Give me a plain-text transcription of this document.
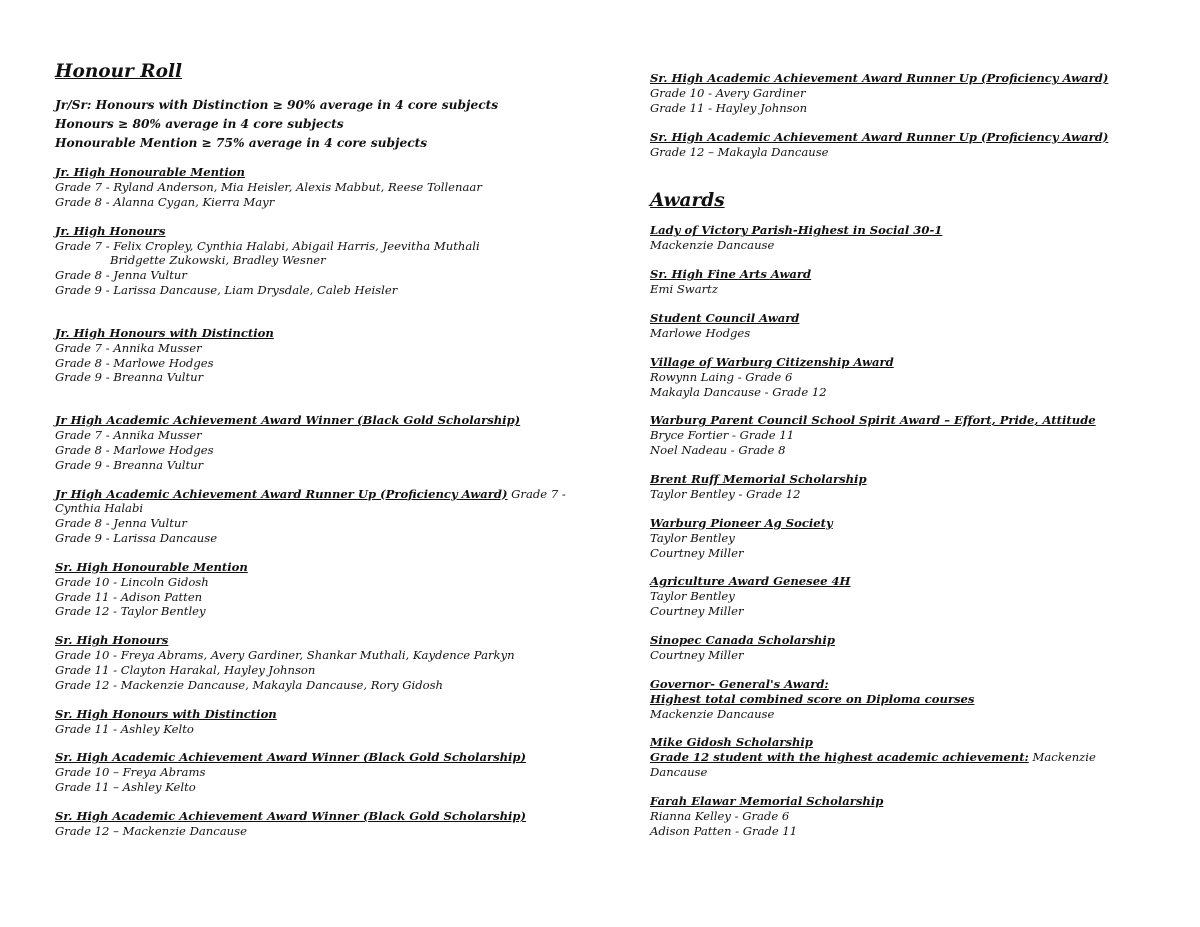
Honour Roll
Jr/Sr: Honours with Distinction ≥ 90% average in 4 core subjects
Honours ≥ 80% average in 4 core subjects
Honourable Mention ≥ 75% average in 4 core subjects
Jr. High Honourable Mention
Grade 7 - Ryland Anderson, Mia Heisler, Alexis Mabbut, Reese Tollenaar
Grade 8 - Alanna Cygan, Kierra Mayr
Jr. High Honours
Grade 7 - Felix Cropley, Cynthia Halabi, Abigail Harris, Jeevitha Muthali
Bridgette Zukowski, Bradley Wesner
Grade 8 - Jenna Vultur
Grade 9 - Larissa Dancause, Liam Drysdale, Caleb Heisler
Jr. High Honours with Distinction
Grade 7 - Annika Musser
Grade 8 - Marlowe Hodges
Grade 9 - Breanna Vultur
Jr High Academic Achievement Award Winner (Black Gold Scholarship)
Grade 7 - Annika Musser
Grade 8 - Marlowe Hodges
Grade 9 - Breanna Vultur
Jr High Academic Achievement Award Runner Up (Proficiency Award) Grade 7 -
Cynthia Halabi
Grade 8 - Jenna Vultur
Grade 9 - Larissa Dancause
Sr. High Honourable Mention
Grade 10 - Lincoln Gidosh
Grade 11 - Adison Patten
Grade 12 - Taylor Bentley
Sr. High Honours
Grade 10 - Freya Abrams, Avery Gardiner, Shankar Muthali, Kaydence Parkyn
Grade 11 - Clayton Harakal, Hayley Johnson
Grade 12 - Mackenzie Dancause, Makayla Dancause, Rory Gidosh
Sr. High Honours with Distinction
Grade 11 - Ashley Kelto
Sr. High Academic Achievement Award Winner (Black Gold Scholarship)
Grade 10 – Freya Abrams
Grade 11 – Ashley Kelto
Sr. High Academic Achievement Award Winner (Black Gold Scholarship)
Grade 12 – Mackenzie Dancause
Sr. High Academic Achievement Award Runner Up (Proficiency Award)
Grade 10 - Avery Gardiner
Grade 11 - Hayley Johnson
Sr. High Academic Achievement Award Runner Up (Proficiency Award)
Grade 12 – Makayla Dancause
Awards
Lady of Victory Parish-Highest in Social 30-1
Mackenzie Dancause
Sr. High Fine Arts Award
Emi Swartz
Student Council Award
Marlowe Hodges
Village of Warburg Citizenship Award
Rowynn Laing - Grade 6
Makayla Dancause - Grade 12
Warburg Parent Council School Spirit Award – Effort, Pride, Attitude
Bryce Fortier - Grade 11
Noel Nadeau - Grade 8
Brent Ruff Memorial Scholarship
Taylor Bentley - Grade 12
Warburg Pioneer Ag Society
Taylor Bentley
Courtney Miller
Agriculture Award Genesee 4H
Taylor Bentley
Courtney Miller
Sinopec Canada Scholarship
Courtney Miller
Governor- General's Award:
Highest total combined score on Diploma courses
Mackenzie Dancause
Mike Gidosh Scholarship
Grade 12 student with the highest academic achievement: Mackenzie
Dancause
Farah Elawar Memorial Scholarship
Rianna Kelley - Grade 6
Adison Patten - Grade 11
